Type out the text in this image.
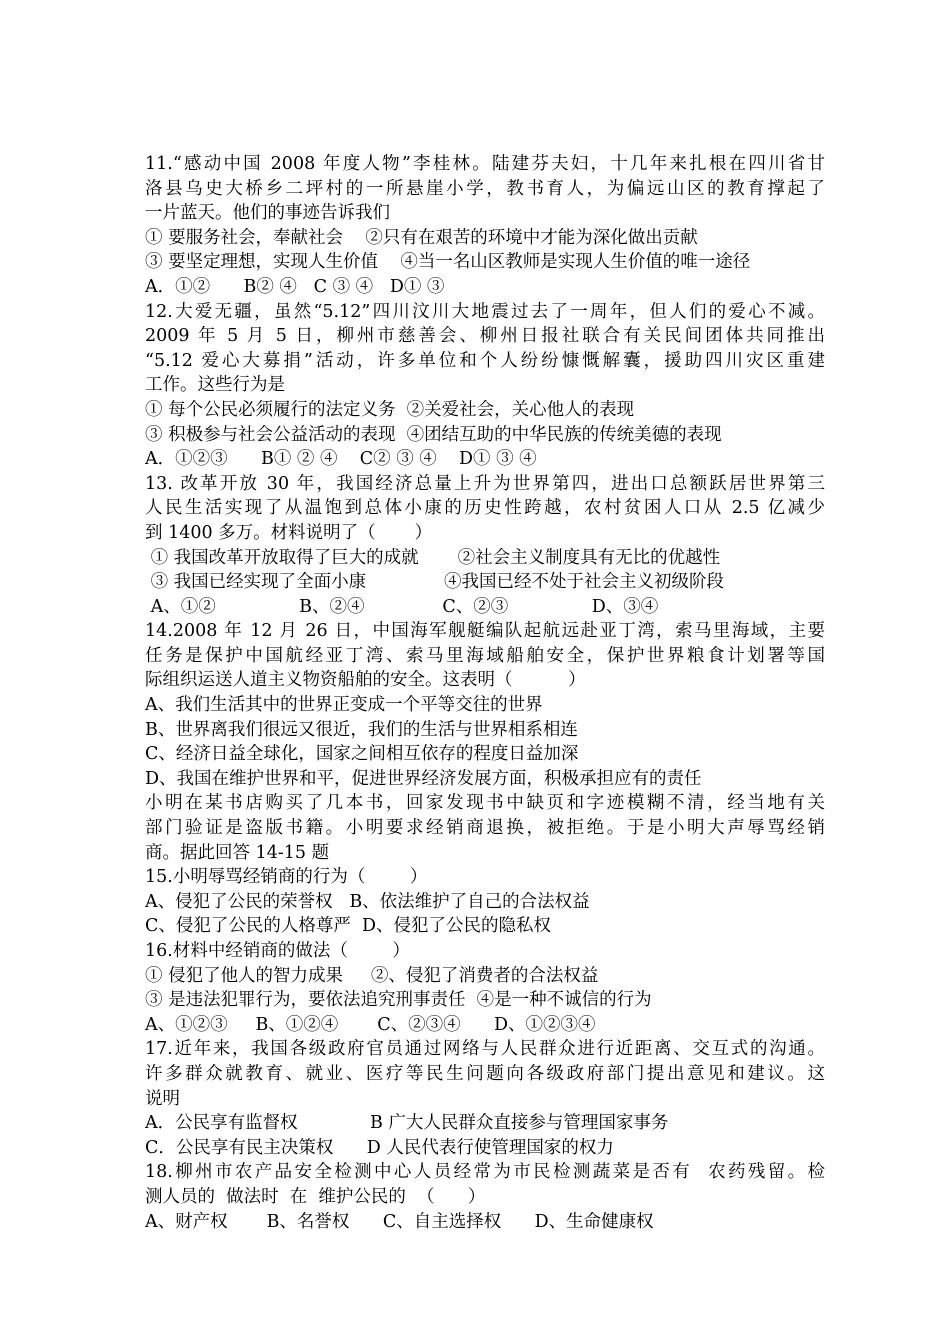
11.“感动中国 2008 年度人物”李桂林。陆建芬夫妇，十几年来扎根在四川省甘
洛县乌史大桥乡二坪村的一所悬崖小学，教书育人，为偏远山区的教育撑起了
一片蓝天。他们的事迹告诉我们
① 要服务社会，奉献社会    ②只有在艰苦的环境中才能为深化做出贡献
③ 要坚定理想，实现人生价值    ④当一名山区教师是实现人生价值的唯一途径
A．①②      B② ④   C ③ ④   D① ③
12.大爱无疆，虽然“5.12”四川汶川大地震过去了一周年，但人们的爱心不减。
2009 年 5 月 5 日，柳州市慈善会、柳州日报社联合有关民间团体共同推出
“5.12 爱心大募捐”活动，许多单位和个人纷纷慷慨解囊，援助四川灾区重建
工作。这些行为是
① 每个公民必须履行的法定义务  ②关爱社会，关心他人的表现
③ 积极参与社会公益活动的表现  ④团结互助的中华民族的传统美德的表现
A．①②③      B① ② ④    C② ③ ④    D① ③ ④
13. 改革开放 30 年，我国经济总量上升为世界第四，进出口总额跃居世界第三
人民生活实现了从温饱到总体小康的历史性跨越，农村贫困人口从 2.5 亿减少
到 1400 多万。材料说明了（       ）
① 我国改革开放取得了巨大的成就       ②社会主义制度具有无比的优越性
③ 我国已经实现了全面小康              ④我国已经不处于社会主义初级阶段
A、①②               B、②④              C、②③               D、③④
14.2008 年 12 月 26 日，中国海军舰艇编队起航远赴亚丁湾，索马里海域，主要
任务是保护中国航经亚丁湾、索马里海域船舶安全，保护世界粮食计划署等国
际组织运送人道主义物资船舶的安全。这表明（          ）
A、我们生活其中的世界正变成一个平等交往的世界
B、世界离我们很远又很近，我们的生活与世界相系相连
C、经济日益全球化，国家之间相互依存的程度日益加深
D、我国在维护世界和平，促进世界经济发展方面，积极承担应有的责任
小明在某书店购买了几本书，回家发现书中缺页和字迹模糊不清，经当地有关
部门验证是盗版书籍。小明要求经销商退换，被拒绝。于是小明大声辱骂经销
商。据此回答 14-15 题
15.小明辱骂经销商的行为（        ）
A、侵犯了公民的荣誉权   B、依法维护了自己的合法权益
C、侵犯了公民的人格尊严  D、侵犯了公民的隐私权
16.材料中经销商的做法（        ）
① 侵犯了他人的智力成果     ②、侵犯了消费者的合法权益
③ 是违法犯罪行为，要依法追究刑事责任  ④是一种不诚信的行为
A、①②③     B、①②④       C、②③④      D、①②③④
17.近年来，我国各级政府官员通过网络与人民群众进行近距离、交互式的沟通。
许多群众就教育、就业、医疗等民生问题向各级政府部门提出意见和建议。这
说明
A．公民享有监督权             B 广大人民群众直接参与管理国家事务
C．公民享有民主决策权      D 人民代表行使管理国家的权力
18.柳州市农产品安全检测中心人员经常为市民检测蔬菜是否有  农药残留。检
测人员的  做法时  在  维护公民的  （      ）
A、财产权       B、名誉权      C、自主选择权      D、生命健康权
